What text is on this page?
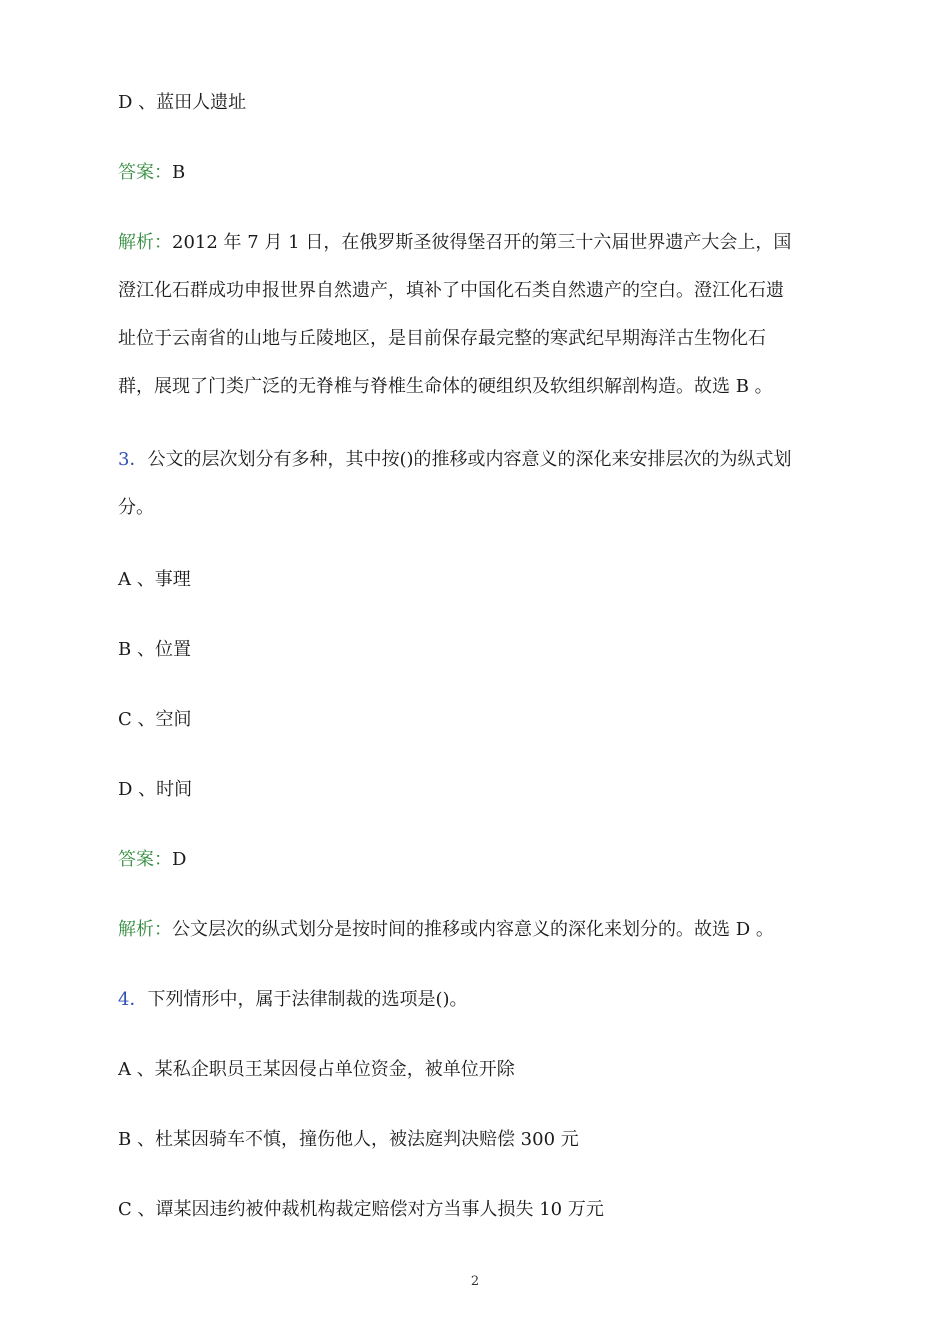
D 、蓝田人遗址

答案：B

解析：2012 年 7 月 1 日，在俄罗斯圣彼得堡召开的第三十六届世界遗产大会上，国
澄江化石群成功申报世界自然遗产，填补了中国化石类自然遗产的空白。澄江化石遗
址位于云南省的山地与丘陵地区，是目前保存最完整的寒武纪早期海洋古生物化石
群，展现了门类广泛的无脊椎与脊椎生命体的硬组织及软组织解剖构造。故选 B 。
3．公文的层次划分有多种，其中按()的推移或内容意义的深化来安排层次的为纵式划
分。

A 、事理

B 、位置

C 、空间

D 、时间

答案：D

解析：公文层次的纵式划分是按时间的推移或内容意义的深化来划分的。故选 D 。

4．下列情形中，属于法律制裁的选项是()。

A 、某私企职员王某因侵占单位资金，被单位开除

B 、杜某因骑车不慎，撞伤他人，被法庭判决赔偿 300 元

C 、谭某因违约被仲裁机构裁定赔偿对方当事人损失 10 万元

2
